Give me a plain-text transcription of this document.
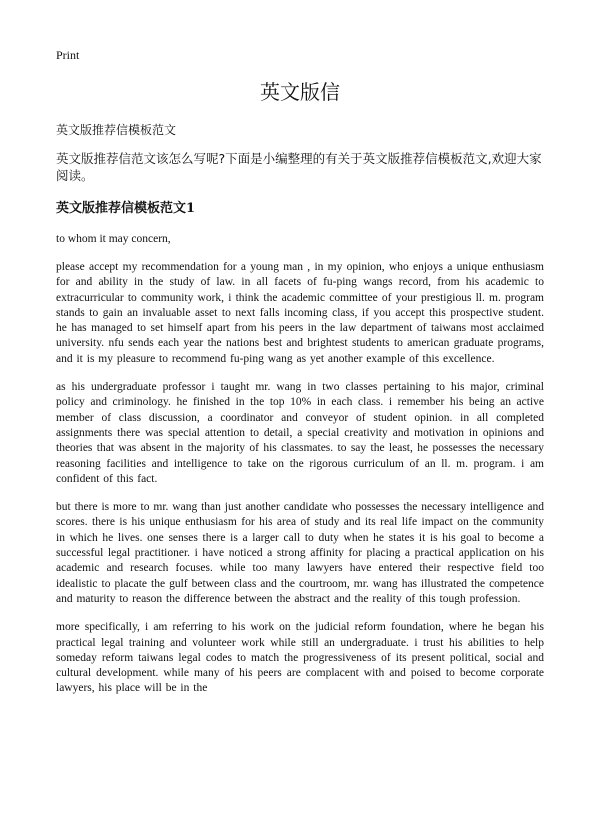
Print
英文版信

英文版推荐信模板范文

英文版推荐信范文该怎么写呢?下面是小编整理的有关于英文版推荐信模板范文,欢迎大家阅读。

英文版推荐信模板范文1

to whom it may concern,

please accept my recommendation for a young man , in my opinion, who enjoys a unique enthusiasm for and ability in the study of law. in all facets of fu-ping wangs record, from his academic to extracurricular to community work, i think the academic committee of your prestigious ll. m. program stands to gain an invaluable asset to next falls incoming class, if you accept this prospective student. he has managed to set himself apart from his peers in the law department of taiwans most acclaimed university. nfu sends each year the nations best and brightest students to american graduate programs, and it is my pleasure to recommend fu-ping wang as yet another example of this excellence.

as his undergraduate professor i taught mr. wang in two classes pertaining to his major, criminal policy and criminology. he finished in the top 10% in each class. i remember his being an active member of class discussion, a coordinator and conveyor of student opinion. in all completed assignments there was special attention to detail, a special creativity and motivation in opinions and theories that was absent in the majority of his classmates. to say the least, he possesses the necessary reasoning facilities and intelligence to take on the rigorous curriculum of an ll. m. program. i am confident of this fact.

but there is more to mr. wang than just another candidate who possesses the necessary intelligence and scores. there is his unique enthusiasm for his area of study and its real life impact on the community in which he lives. one senses there is a larger call to duty when he states it is his goal to become a successful legal practitioner. i have noticed a strong affinity for placing a practical application on his academic and research focuses. while too many lawyers have entered their respective field too idealistic to placate the gulf between class and the courtroom, mr. wang has illustrated the competence and maturity to reason the difference between the abstract and the reality of this tough profession.

more specifically, i am referring to his work on the judicial reform foundation, where he began his practical legal training and volunteer work while still an undergraduate. i trust his abilities to help someday reform taiwans legal codes to match the progressiveness of its present political, social and cultural development. while many of his peers are complacent with and poised to become corporate lawyers, his place will be in the
